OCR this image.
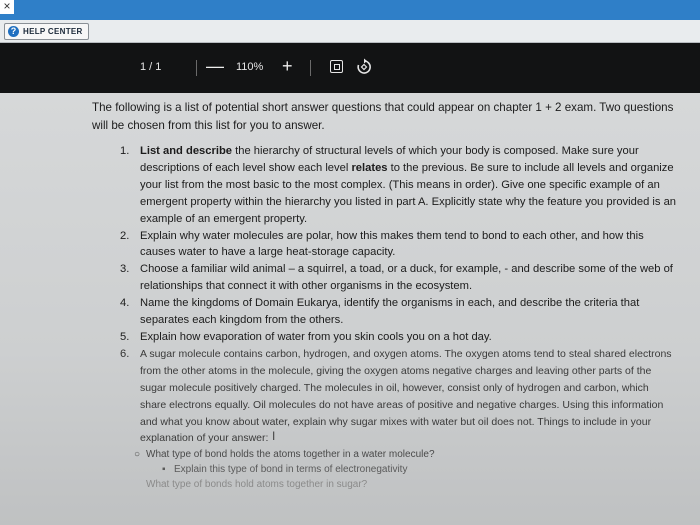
×
? HELP CENTER
1 / 1 — 110% +

The following is a list of potential short answer questions that could appear on chapter 1 + 2 exam. Two questions will be chosen from this list for you to answer.

1. List and describe the hierarchy of structural levels of which your body is composed. Make sure your descriptions of each level show each level relates to the previous. Be sure to include all levels and organize your list from the most basic to the most complex. (This means in order). Give one specific example of an emergent property within the hierarchy you listed in part A. Explicitly state why the feature you provided is an example of an emergent property.
2. Explain why water molecules are polar, how this makes them tend to bond to each other, and how this causes water to have a large heat-storage capacity.
3. Choose a familiar wild animal – a squirrel, a toad, or a duck, for example, - and describe some of the web of relationships that connect it with other organisms in the ecosystem.
4. Name the kingdoms of Domain Eukarya, identify the organisms in each, and describe the criteria that separates each kingdom from the others.
5. Explain how evaporation of water from you skin cools you on a hot day.
6. A sugar molecule contains carbon, hydrogen, and oxygen atoms. The oxygen atoms tend to steal shared electrons from the other atoms in the molecule, giving the oxygen atoms negative charges and leaving other parts of the sugar molecule positively charged. The molecules in oil, however, consist only of hydrogen and carbon, which share electrons equally. Oil molecules do not have areas of positive and negative charges. Using this information and what you know about water, explain why sugar mixes with water but oil does not. Things to include in your explanation of your answer:
○ What type of bond holds the atoms together in a water molecule?
▪ Explain this type of bond in terms of electronegativity
What type of bonds hold atoms together in sugar?
I
